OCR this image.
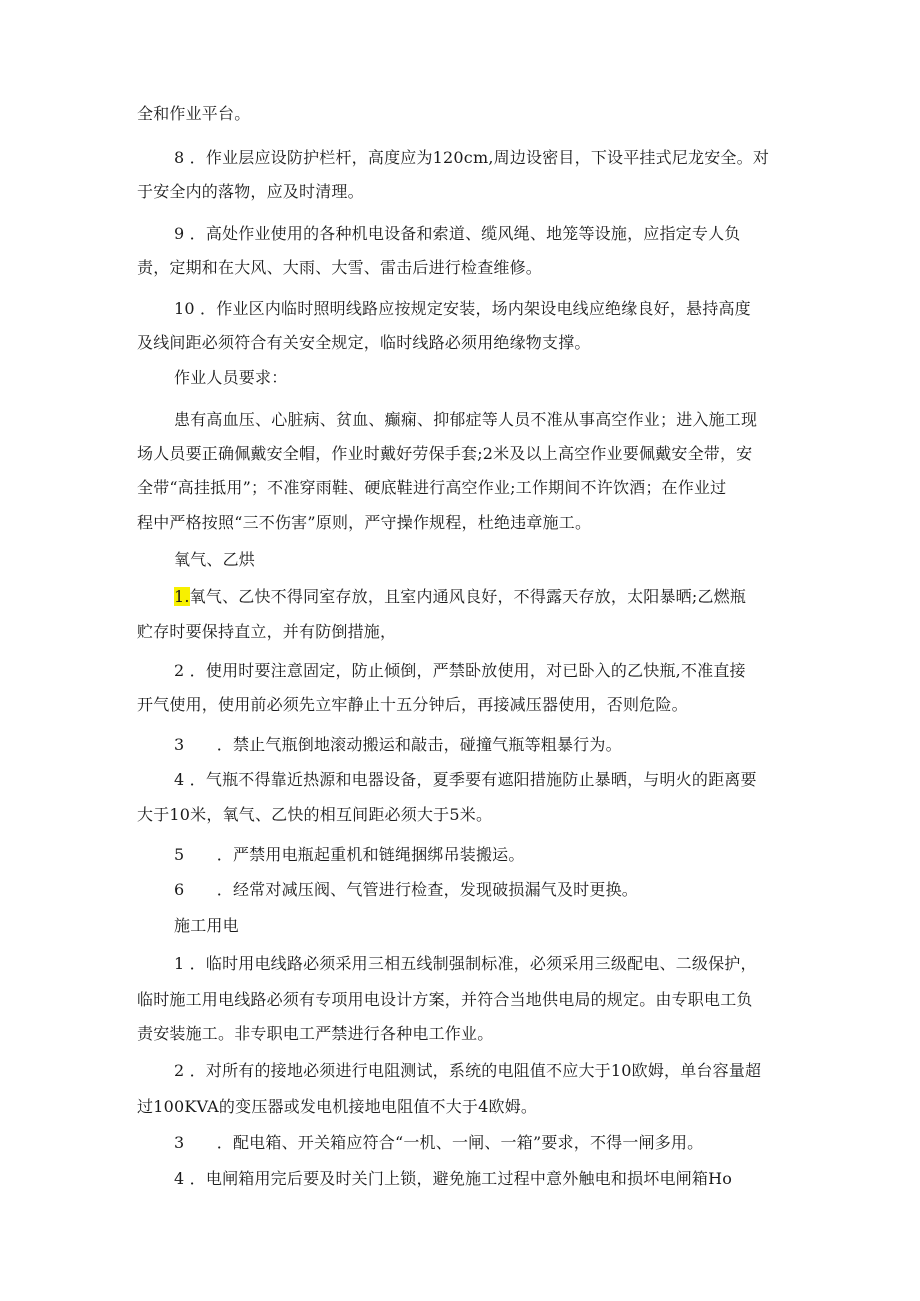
全和作业平台。
8 ．作业层应设防护栏杆，高度应为120cm,周边设密目，下设平挂式尼龙安全。对
于安全内的落物，应及时清理。
9 ．高处作业使用的各种机电设备和索道、缆风绳、地笼等设施，应指定专人负
责，定期和在大风、大雨、大雪、雷击后进行检查维修。
10 ．作业区内临时照明线路应按规定安装，场内架设电线应绝缘良好，悬持高度
及线间距必须符合有关安全规定，临时线路必须用绝缘物支撑。
作业人员要求：
患有高血压、心脏病、贫血、癫痫、抑郁症等人员不准从事高空作业；进入施工现
场人员要正确佩戴安全帽，作业时戴好劳保手套;2米及以上高空作业要佩戴安全带，安
全带“高挂抵用”；不准穿雨鞋、硬底鞋进行高空作业;工作期间不许饮酒；在作业过
程中严格按照“三不伤害”原则，严守操作规程，杜绝违章施工。
氧气、乙烘
1.氧气、乙快不得同室存放，且室内通风良好，不得露天存放，太阳暴晒;乙燃瓶
贮存时要保持直立，并有防倒措施，
2 ．使用时要注意固定，防止倾倒，严禁卧放使用，对已卧入的乙快瓶,不准直接
开气使用，使用前必须先立牢静止十五分钟后，再接减压器使用，否则危险。
3　　．禁止气瓶倒地滚动搬运和敲击，碰撞气瓶等粗暴行为。
4 ．气瓶不得靠近热源和电器设备，夏季要有遮阳措施防止暴晒，与明火的距离要
大于10米，氧气、乙快的相互间距必须大于5米。
5　　．严禁用电瓶起重机和链绳捆绑吊装搬运。
6　　．经常对减压阀、气管进行检查，发现破损漏气及时更换。
施工用电
1 ．临时用电线路必须采用三相五线制强制标准，必须采用三级配电、二级保护，
临时施工用电线路必须有专项用电设计方案，并符合当地供电局的规定。由专职电工负
责安装施工。非专职电工严禁进行各种电工作业。
2 ．对所有的接地必须进行电阻测试，系统的电阻值不应大于10欧姆，单台容量超
过100KVA的变压器或发电机接地电阻值不大于4欧姆。
3　　．配电箱、开关箱应符合“一机、一闸、一箱”要求，不得一闸多用。
4 ．电闸箱用完后要及时关门上锁，避免施工过程中意外触电和损坏电闸箱Ho
